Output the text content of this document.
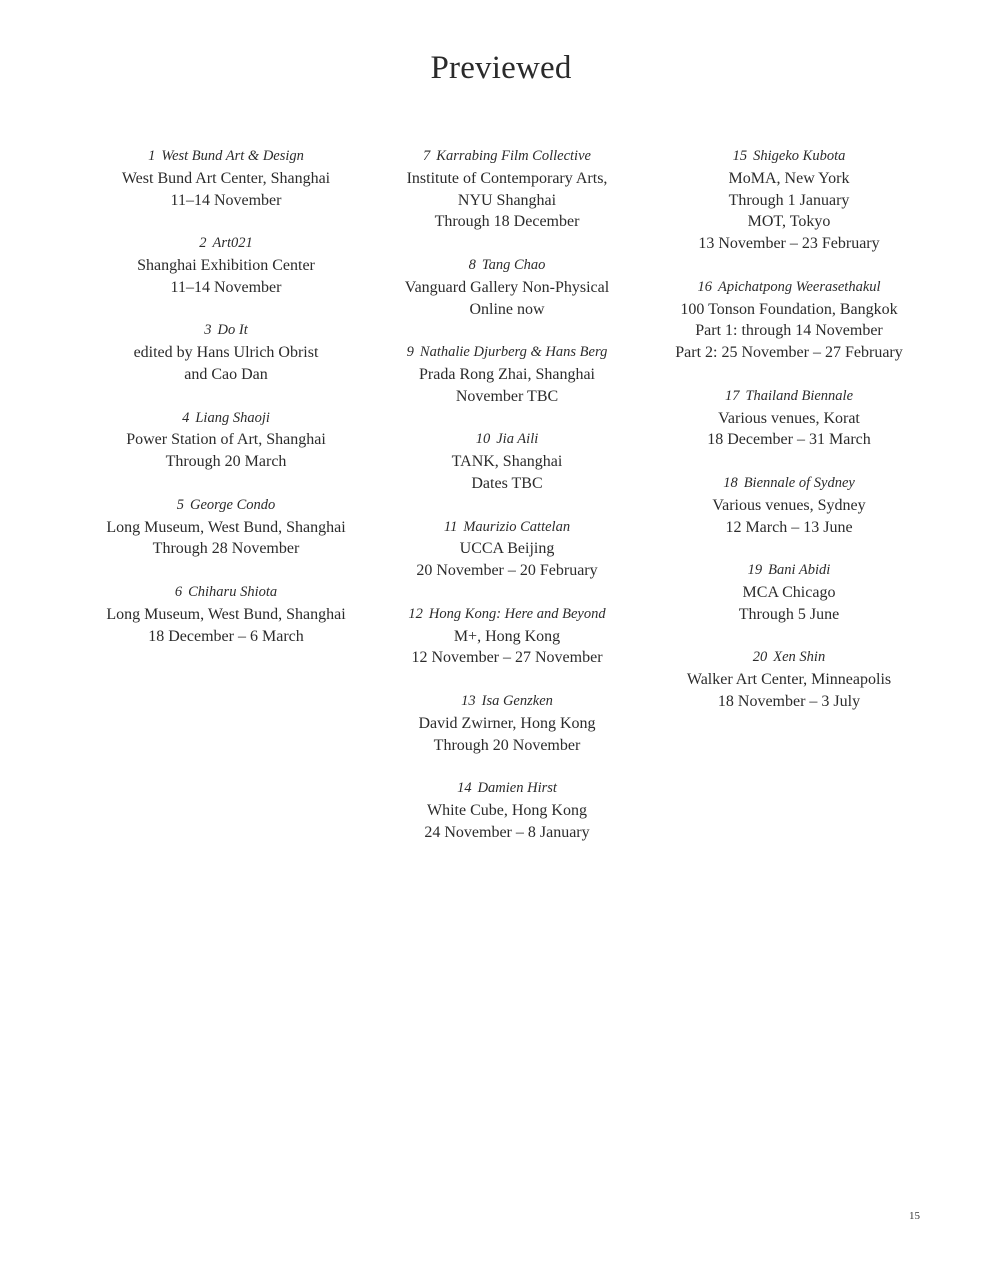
Previewed
1 West Bund Art & Design
West Bund Art Center, Shanghai
11–14 November
2 Art021
Shanghai Exhibition Center
11–14 November
3 Do It
edited by Hans Ulrich Obrist
and Cao Dan
4 Liang Shaoji
Power Station of Art, Shanghai
Through 20 March
5 George Condo
Long Museum, West Bund, Shanghai
Through 28 November
6 Chiharu Shiota
Long Museum, West Bund, Shanghai
18 December – 6 March
7 Karrabing Film Collective
Institute of Contemporary Arts,
NYU Shanghai
Through 18 December
8 Tang Chao
Vanguard Gallery Non-Physical
Online now
9 Nathalie Djurberg & Hans Berg
Prada Rong Zhai, Shanghai
November TBC
10 Jia Aili
TANK, Shanghai
Dates TBC
11 Maurizio Cattelan
UCCA Beijing
20 November – 20 February
12 Hong Kong: Here and Beyond
M+, Hong Kong
12 November – 27 November
13 Isa Genzken
David Zwirner, Hong Kong
Through 20 November
14 Damien Hirst
White Cube, Hong Kong
24 November – 8 January
15 Shigeko Kubota
MoMA, New York
Through 1 January
MOT, Tokyo
13 November – 23 February
16 Apichatpong Weerasethakul
100 Tonson Foundation, Bangkok
Part 1: through 14 November
Part 2: 25 November – 27 February
17 Thailand Biennale
Various venues, Korat
18 December – 31 March
18 Biennale of Sydney
Various venues, Sydney
12 March – 13 June
19 Bani Abidi
MCA Chicago
Through 5 June
20 Xen Shin
Walker Art Center, Minneapolis
18 November – 3 July
15
